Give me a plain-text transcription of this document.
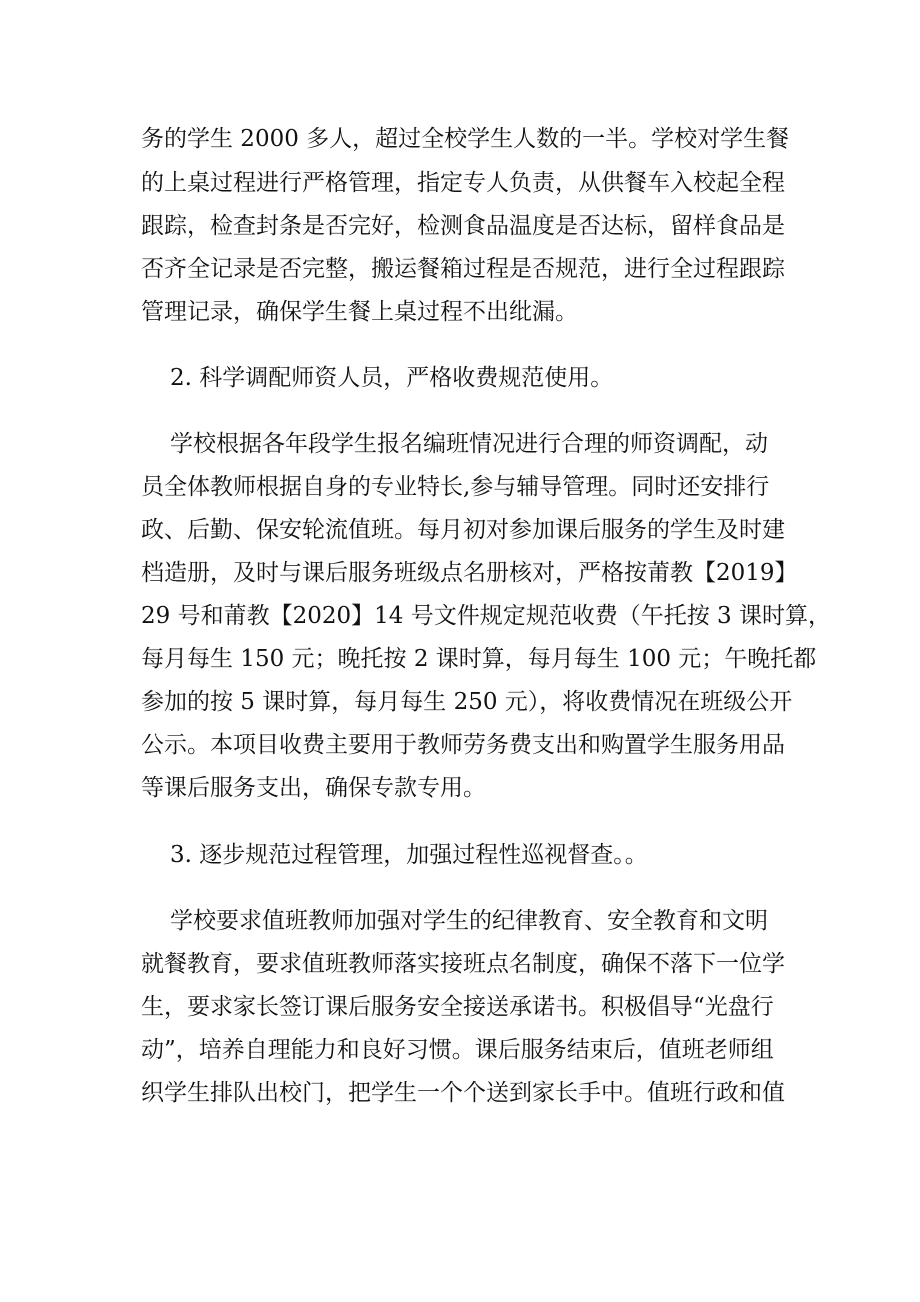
务的学生 2000 多人，超过全校学生人数的一半。学校对学生餐
的上桌过程进行严格管理，指定专人负责，从供餐车入校起全程
跟踪，检查封条是否完好，检测食品温度是否达标，留样食品是
否齐全记录是否完整，搬运餐箱过程是否规范，进行全过程跟踪
管理记录，确保学生餐上桌过程不出纰漏。
2. 科学调配师资人员，严格收费规范使用。
学校根据各年段学生报名编班情况进行合理的师资调配，动
员全体教师根据自身的专业特长,参与辅导管理。同时还安排行
政、后勤、保安轮流值班。每月初对参加课后服务的学生及时建
档造册，及时与课后服务班级点名册核对，严格按莆教【2019】
29 号和莆教【2020】14 号文件规定规范收费（午托按 3 课时算，
每月每生 150 元；晚托按 2 课时算，每月每生 100 元；午晚托都
参加的按 5 课时算，每月每生 250 元），将收费情况在班级公开
公示。本项目收费主要用于教师劳务费支出和购置学生服务用品
等课后服务支出，确保专款专用。
3. 逐步规范过程管理，加强过程性巡视督查。。
学校要求值班教师加强对学生的纪律教育、安全教育和文明
就餐教育，要求值班教师落实接班点名制度，确保不落下一位学
生，要求家长签订课后服务安全接送承诺书。积极倡导“光盘行
动”，培养自理能力和良好习惯。课后服务结束后，值班老师组
织学生排队出校门，把学生一个个送到家长手中。值班行政和值
